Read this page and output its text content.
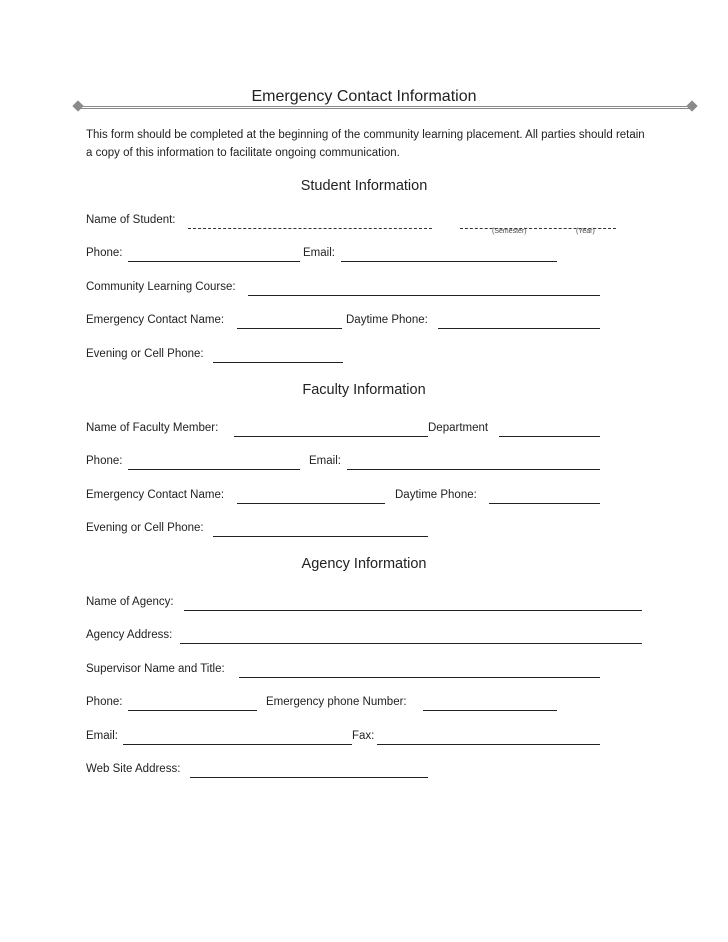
Emergency Contact Information
This form should be completed at the beginning of the community learning placement. All parties should retain a copy of this information to facilitate ongoing communication.
Student Information
Name of Student:
(Semester)	(Year)
Phone:	Email:
Community Learning Course:
Emergency Contact Name:	Daytime Phone:
Evening or Cell Phone:
Faculty Information
Name of Faculty Member:	Department
Phone:	Email:
Emergency Contact Name:	Daytime Phone:
Evening or Cell Phone:
Agency Information
Name of Agency:
Agency Address:
Supervisor Name and Title:
Phone:	Emergency phone Number:
Email:	Fax:
Web Site Address:
